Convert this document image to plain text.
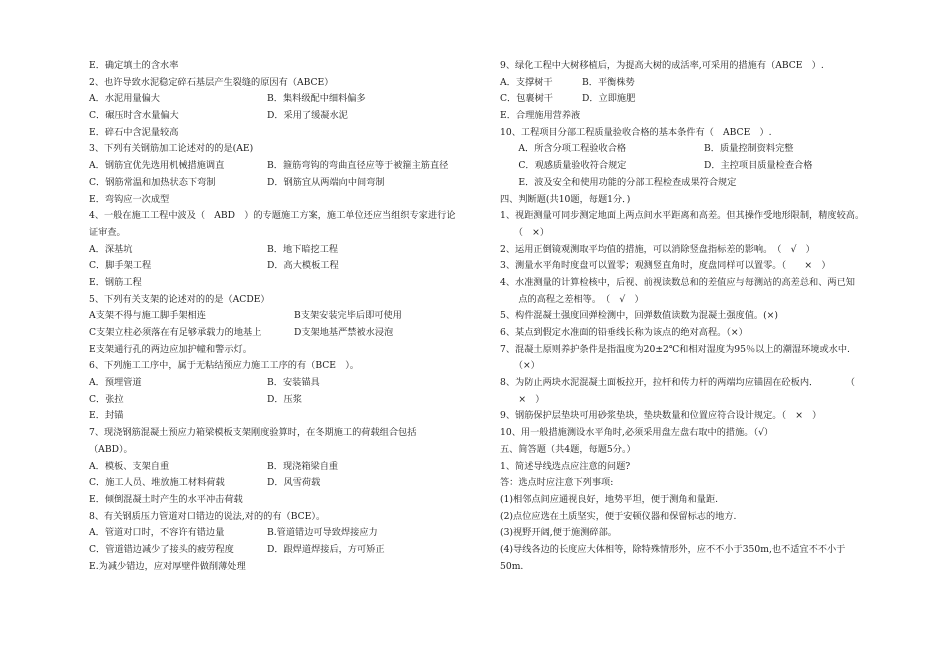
E．确定填土的含水率
2、也许导致水泥稳定碎石基层产生裂缝的原因有（ABCE）
A．水泥用量偏大	B．集料级配中细料偏多
C．碾压时含水量偏大	D．采用了缓凝水泥
E．碎石中含泥量较高
3、下列有关钢筋加工论述对的的是(AE)
A．钢筋宜优先选用机械措施调直	B．箍筋弯钩的弯曲直径应等于被箍主筋直径
C．钢筋常温和加热状态下弯制	D．钢筋宜从两端向中间弯制
E．弯钩应一次成型
4、一般在施工工程中波及（　ABD　）的专题施工方案，施工单位还应当组织专家进行论
证审查。
A．深基坑	B．地下暗挖工程
C．脚手架工程	D．高大模板工程
E．钢筋工程
5、下列有关支架的论述对的的是（ACDE）
A支架不得与施工脚手架相连	B支架安装完毕后即可使用
C支架立柱必须落在有足够承载力的地基上	D支架地基严禁被水浸泡
E支架通行孔的两边应加护幢和警示灯。
6、下列施工工序中，属于无粘结预应力施工工序的有（BCE　）。
A．预埋管道	B．安装锚具
C．张拉	D．压浆
E．封锚
7、现浇钢筋混凝土预应力箱梁模板支架刚度验算时，在冬期施工的荷载组合包括
（ABD）。
A．模板、支架自重	B．现浇箱梁自重
C．施工人员、堆放施工材料荷载	D．风雪荷载
E．倾倒混凝土时产生的水平冲击荷载
8、有关钢质压力管道对口错边的说法,对的的有（BCE）。
A．管道对口时，不容许有错边量	B.管道错边可导致焊接应力
C．管道错边减少了接头的疲劳程度	D．跟焊道焊接后，方可矫正
E.为减少错边，应对厚壁件做削薄处理
9、绿化工程中大树移植后，为提高大树的成活率,可采用的措施有（ABCE　）.
A．支撑树干	B．平衡株势
C．包裹树干	D．立即施肥
E．合理施用营养液
10、工程项目分部工程质量验收合格的基本条件有（　ABCE　）.
　　A．所含分项工程验收合格	B．质量控制资料完整
　　C．观感质量验收符合规定	D．主控项目质量检查合格
　　E．波及安全和使用功能的分部工程检查成果符合规定
四、判断题(共10题，每题1分．)
1、视距测量可同步测定地面上两点间水平距离和高差。但其操作受地形限制，精度较高。
　　（　×）
2、运用正倒镜观测取平均值的措施，可以消除竖盘指标差的影响。　（　√　）
3、测量水平角时度盘可以置零；观测竖直角时，度盘同样可以置零。（　　×　）
4、水准测量的计算检核中，后视、前视读数总和的差值应与每测站的高差总和、两已知
　　点的高程之差相等。　（　√　）
5、构件混凝土强度回弹检测中，回弹数值读数为混凝土强度值。(×)
6、某点到假定水准面的铅垂线长称为该点的绝对高程。（×）
7、混凝土原则养护条件是指温度为20±2℃和相对湿度为95％以上的潮湿环境或水中.
　　（×）
8、为防止两块水泥混凝土面板拉开，拉杆和传力杆的两端均应锚固在砼板内．　　　　（
　　×　）
9、钢筋保护层垫块可用砂浆垫块，垫块数量和位置应符合设计规定。（　×　）
10、用一般措施测设水平角时,必须采用盘左盘右取中的措施。（√）
五、简答题（共4题，每题5分。）
1、简述导线选点应注意的问题?
答：选点时应注意下列事项:
(1)相邻点间应通视良好，地势平坦，便于测角和量距.
(2)点位应选在土质坚实，便于安顿仪器和保留标志的地方.
(3)视野开阔,便于施测碎部。
(4)导线各边的长度应大体相等，除特殊情形外，应不不小于350m,也不适宜不不小于
50m.
